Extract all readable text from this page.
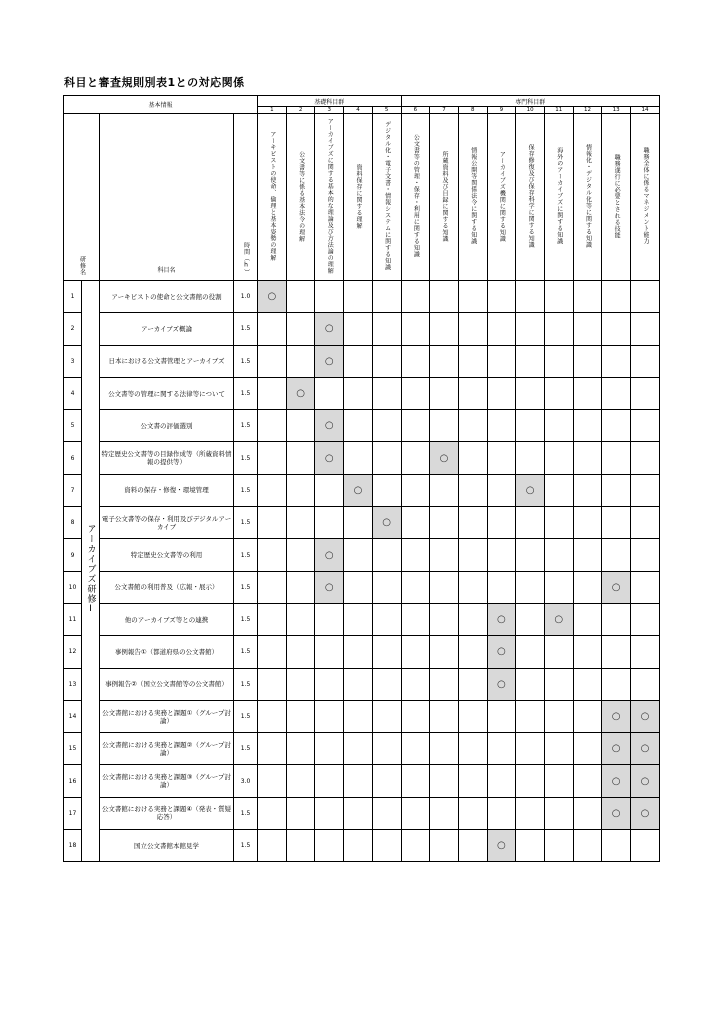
科目と審査規則別表1との対応関係
基本情報				基礎科目群					専門科目群								
				1	2	3	4	5	6	7	8	9	10	11	12	13	14
研修名		科目名	時間（h）	アーキビストの使命、倫理と基本姿勢の理解	公文書等に係る基本法令の理解	アーカイブズに関する基本的な理論及び方法論の理解	資料保存に関する理解	デジタル化・電子文書・情報システムに関する知識	公文書等の管理・保存・利用に関する知識	所蔵資料及び目録に関する知識	情報公開等関係法令に関する知識	アーカイブズ機関に関する知識	保存修復及び保存科学に関する知識	海外のアーカイブズに関する知識	情報化・デジタル化等に関する知識	職務遂行に必要とされる技能	職務全体に係るマネジメント能力
1	アーカイブズ研修Ⅰ	アーキビストの使命と公文書館の役割	1.0	○													
2		アーカイブズ概論	1.5			○											
3		日本における公文書管理とアーカイブズ	1.5			○											
4		公文書等の管理に関する法律等について	1.5		○												
5		公文書の評価選別	1.5			○											
6		特定歴史公文書等の目録作成等（所蔵資料情報の提供等）	1.5			○				○							
7		資料の保存・修復・環境管理	1.5				○						○				
8		電子公文書等の保存・利用及びデジタルアーカイブ	1.5					○									
9		特定歴史公文書等の利用	1.5			○											
10		公文書館の利用普及（広報・展示）	1.5			○										○	
11		他のアーカイブズ等との連携	1.5									○		○			
12		事例報告①（都道府県の公文書館）	1.5									○					
13		事例報告②（国立公文書館等の公文書館）	1.5									○					
14		公文書館における実務と課題①（グループ討論）	1.5													○	○
15		公文書館における実務と課題②（グループ討論）	1.5													○	○
16		公文書館における実務と課題③（グループ討論）	3.0													○	○
17		公文書館における実務と課題④（発表・質疑応答）	1.5													○	○
18		国立公文書館本館見学	1.5									○					
